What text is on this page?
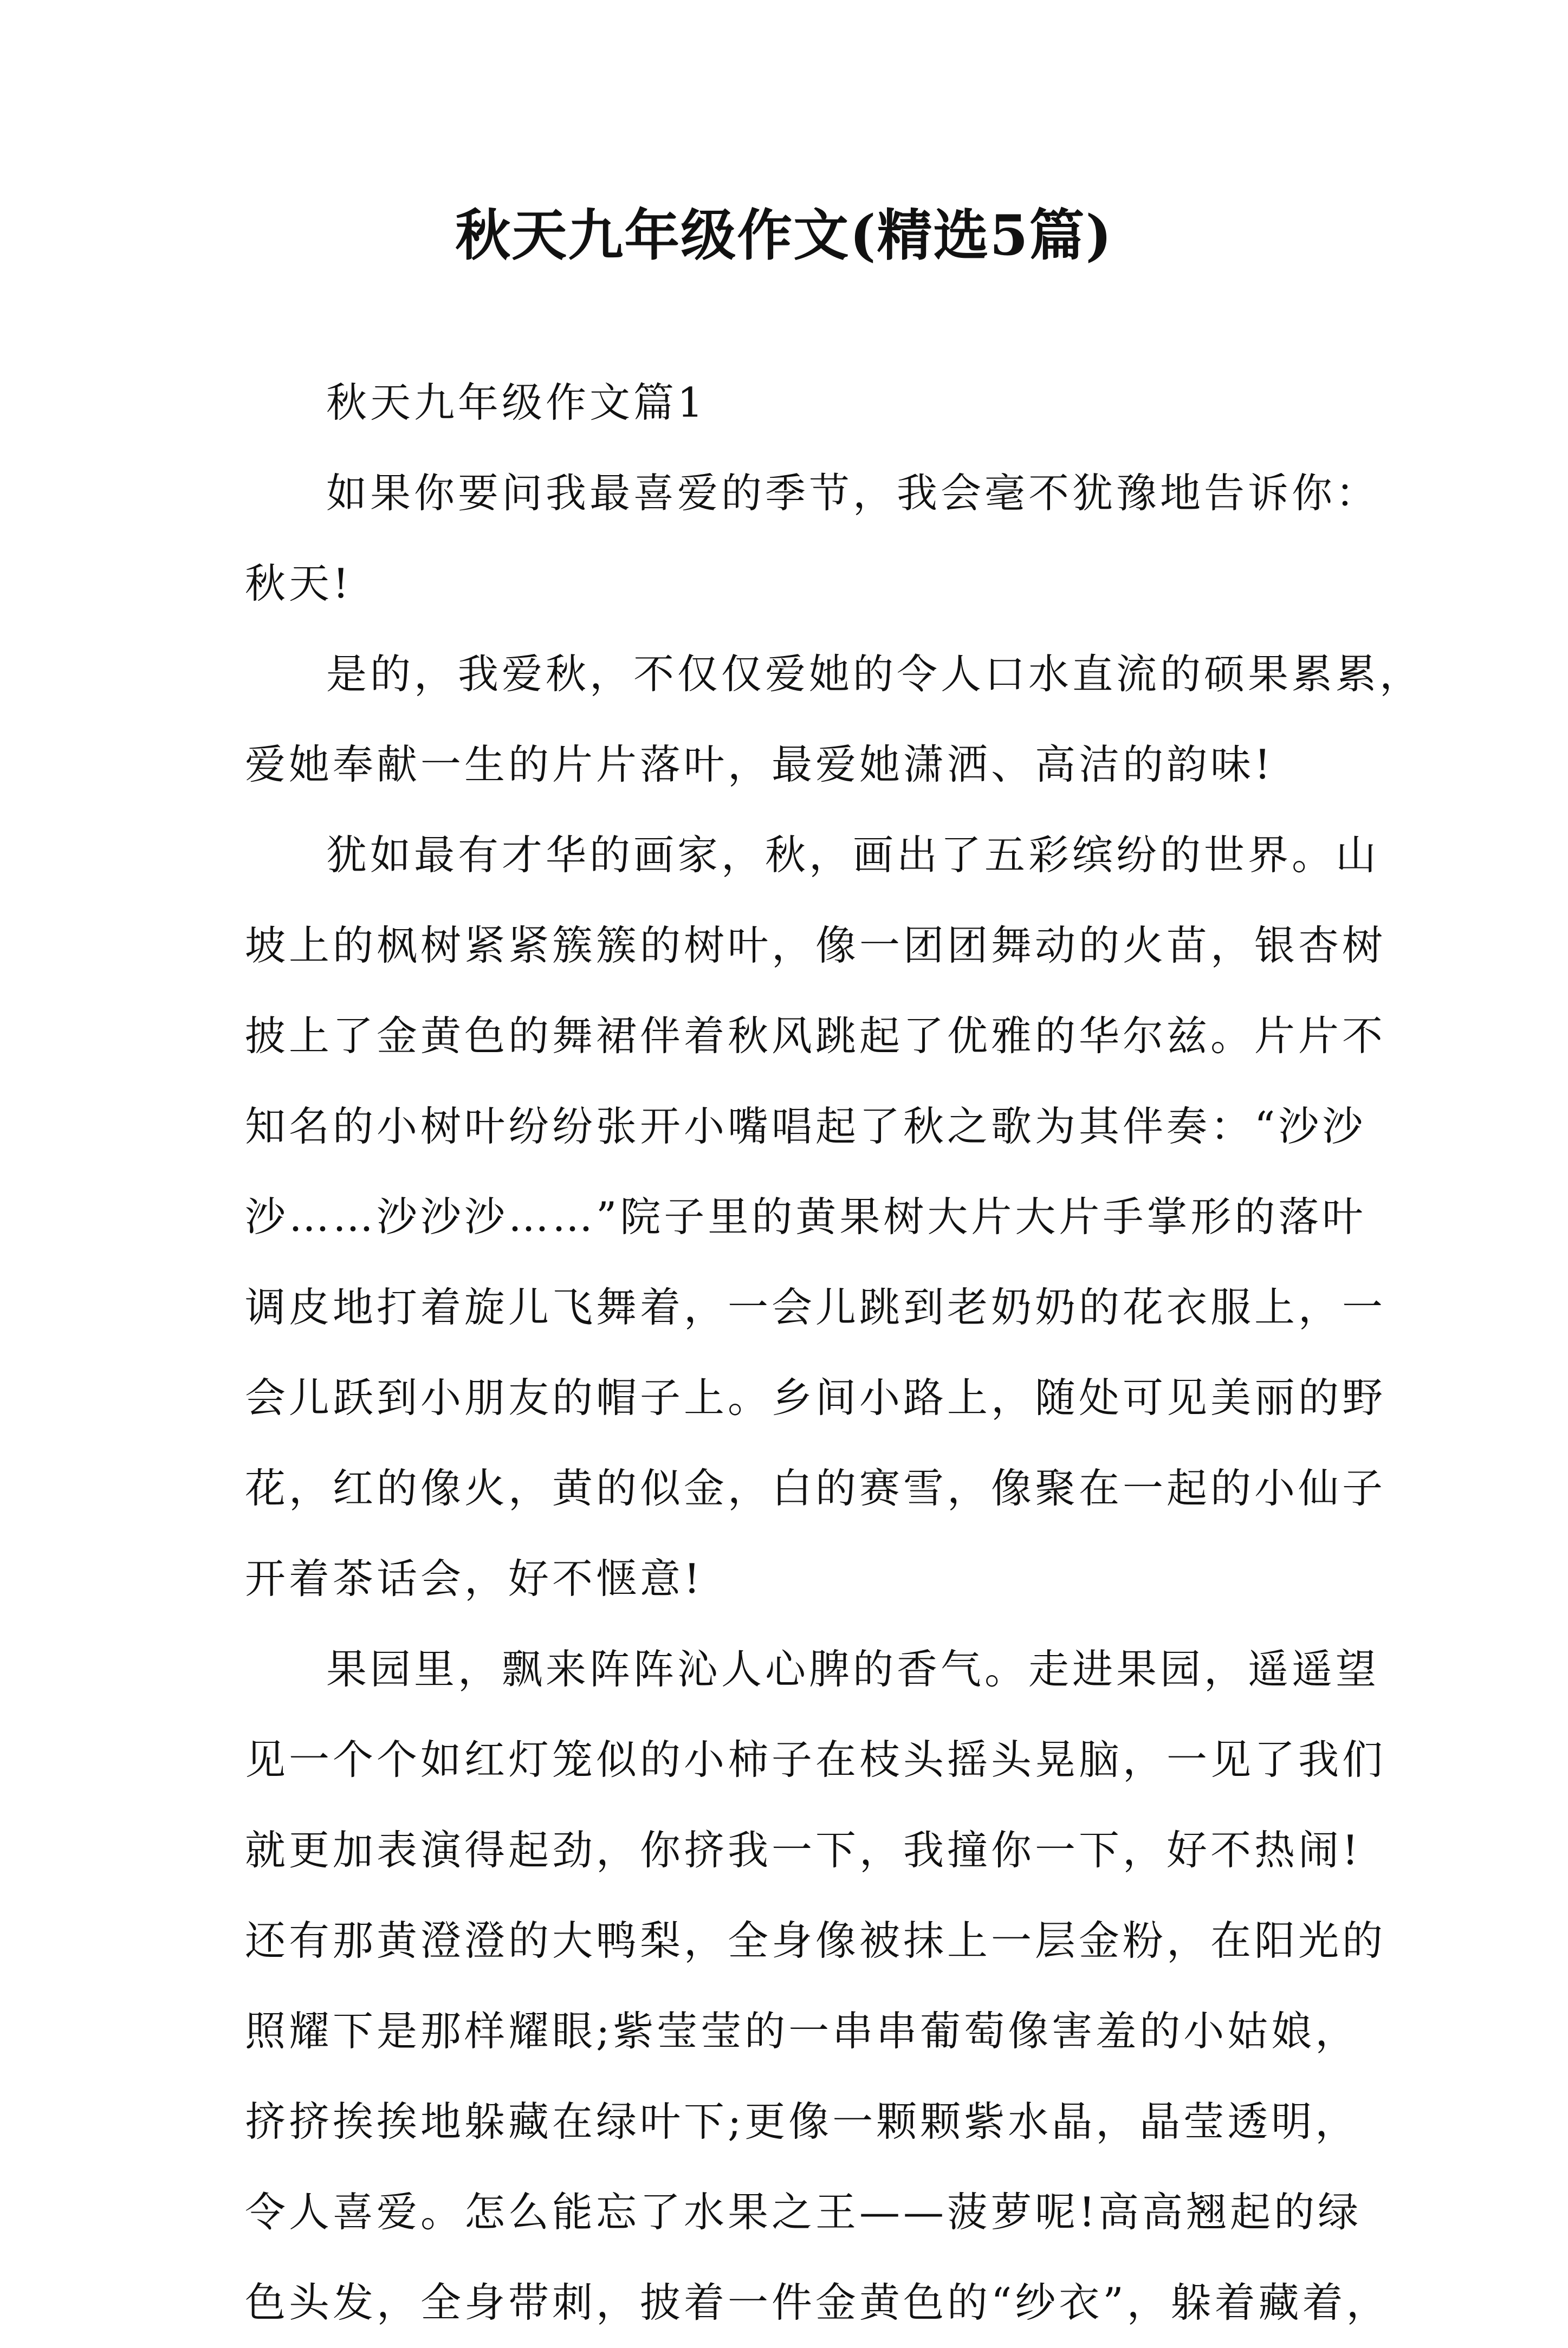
秋天九年级作文(精选5篇)
秋天九年级作文篇1
如果你要问我最喜爱的季节，我会毫不犹豫地告诉你：
秋天!
是的，我爱秋，不仅仅爱她的令人口水直流的硕果累累，
爱她奉献一生的片片落叶，最爱她潇洒、高洁的韵味!
犹如最有才华的画家，秋，画出了五彩缤纷的世界。山
坡上的枫树紧紧簇簇的树叶，像一团团舞动的火苗，银杏树
披上了金黄色的舞裙伴着秋风跳起了优雅的华尔兹。片片不
知名的小树叶纷纷张开小嘴唱起了秋之歌为其伴奏：“沙沙
沙……沙沙沙……”院子里的黄果树大片大片手掌形的落叶
调皮地打着旋儿飞舞着，一会儿跳到老奶奶的花衣服上，一
会儿跃到小朋友的帽子上。乡间小路上，随处可见美丽的野
花，红的像火，黄的似金，白的赛雪，像聚在一起的小仙子
开着茶话会，好不惬意!
果园里，飘来阵阵沁人心脾的香气。走进果园，遥遥望
见一个个如红灯笼似的小柿子在枝头摇头晃脑，一见了我们
就更加表演得起劲，你挤我一下，我撞你一下，好不热闹!
还有那黄澄澄的大鸭梨，全身像被抹上一层金粉，在阳光的
照耀下是那样耀眼;紫莹莹的一串串葡萄像害羞的小姑娘，
挤挤挨挨地躲藏在绿叶下;更像一颗颗紫水晶，晶莹透明，
令人喜爱。怎么能忘了水果之王——菠萝呢!高高翘起的绿
色头发，全身带刺，披着一件金黄色的“纱衣”，躲着藏着，
